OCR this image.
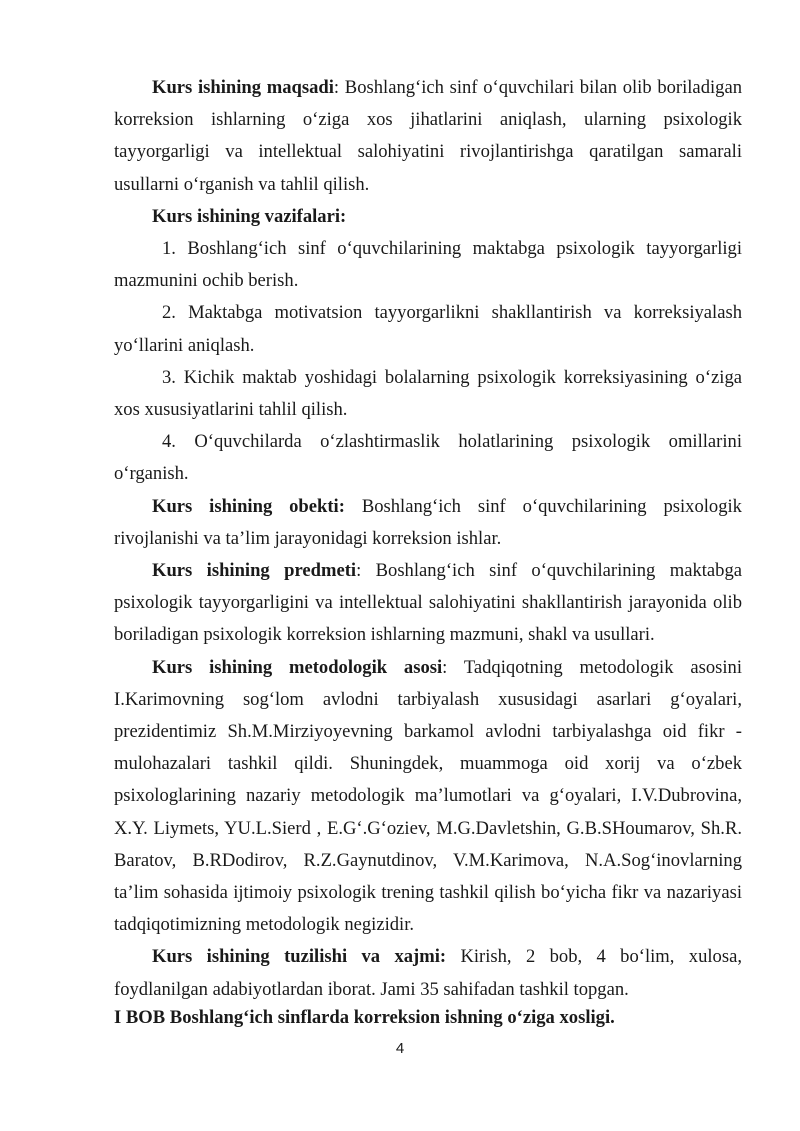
Kurs ishining maqsadi: Boshlang‘ich sinf o‘quvchilari bilan olib boriladigan korreksion ishlarning o‘ziga xos jihatlarini aniqlash, ularning psixologik tayyorgarligi va intellektual salohiyatini rivojlantirishga qaratilgan samarali usullarni o‘rganish va tahlil qilish.

Kurs ishining vazifalari:

1. Boshlang‘ich sinf o‘quvchilarining maktabga psixologik tayyorgarligi mazmunini ochib berish.

2. Maktabga motivatsion tayyorgarlikni shakllantirish va korreksiyalash yo‘llarini aniqlash.

3. Kichik maktab yoshidagi bolalarning psixologik korreksiyasining o‘ziga xos xususiyatlarini tahlil qilish.

4. O‘quvchilarda o‘zlashtirmaslik holatlarining psixologik omillarini o‘rganish.

Kurs ishining obekti: Boshlang‘ich sinf o‘quvchilarining psixologik rivojlanishi va ta’lim jarayonidagi korreksion ishlar.

Kurs ishining predmeti: Boshlang‘ich sinf o‘quvchilarining maktabga psixologik tayyorgarligini va intellektual salohiyatini shakllantirish jarayonida olib boriladigan psixologik korreksion ishlarning mazmuni, shakl va usullari.

Kurs ishining metodologik asosi: Tadqiqotning metodologik asosini I.Karimovning sog‘lom avlodni tarbiyalash xususidagi asarlari g‘oyalari, prezidentimiz Sh.M.Mirziyoyevning barkamol avlodni tarbiyalashga oid fikr -mulohazalari tashkil qildi. Shuningdek, muammoga oid xorij va o‘zbek psixologlarining nazariy metodologik ma’lumotlari va g‘oyalari, I.V.Dubrovina, X.Y. Liymets, YU.L.Sierd , E.G‘.G‘oziev, M.G.Davletshin, G.B.SHoumarov, Sh.R. Baratov, B.RDodirov, R.Z.Gaynutdinov, V.M.Karimova, N.A.Sog‘inovlarning ta’lim sohasida ijtimoiy psixologik trening tashkil qilish bo‘yicha fikr va nazariyasi tadqiqotimizning metodologik negizidir.

Kurs ishining tuzilishi va xajmi: Kirish, 2 bob, 4 bo‘lim, xulosa, foydlanilgan adabiyotlardan iborat. Jami 35 sahifadan tashkil topgan.

I BOB Boshlang‘ich sinflarda korreksion ishning o‘ziga xosligi.

4
